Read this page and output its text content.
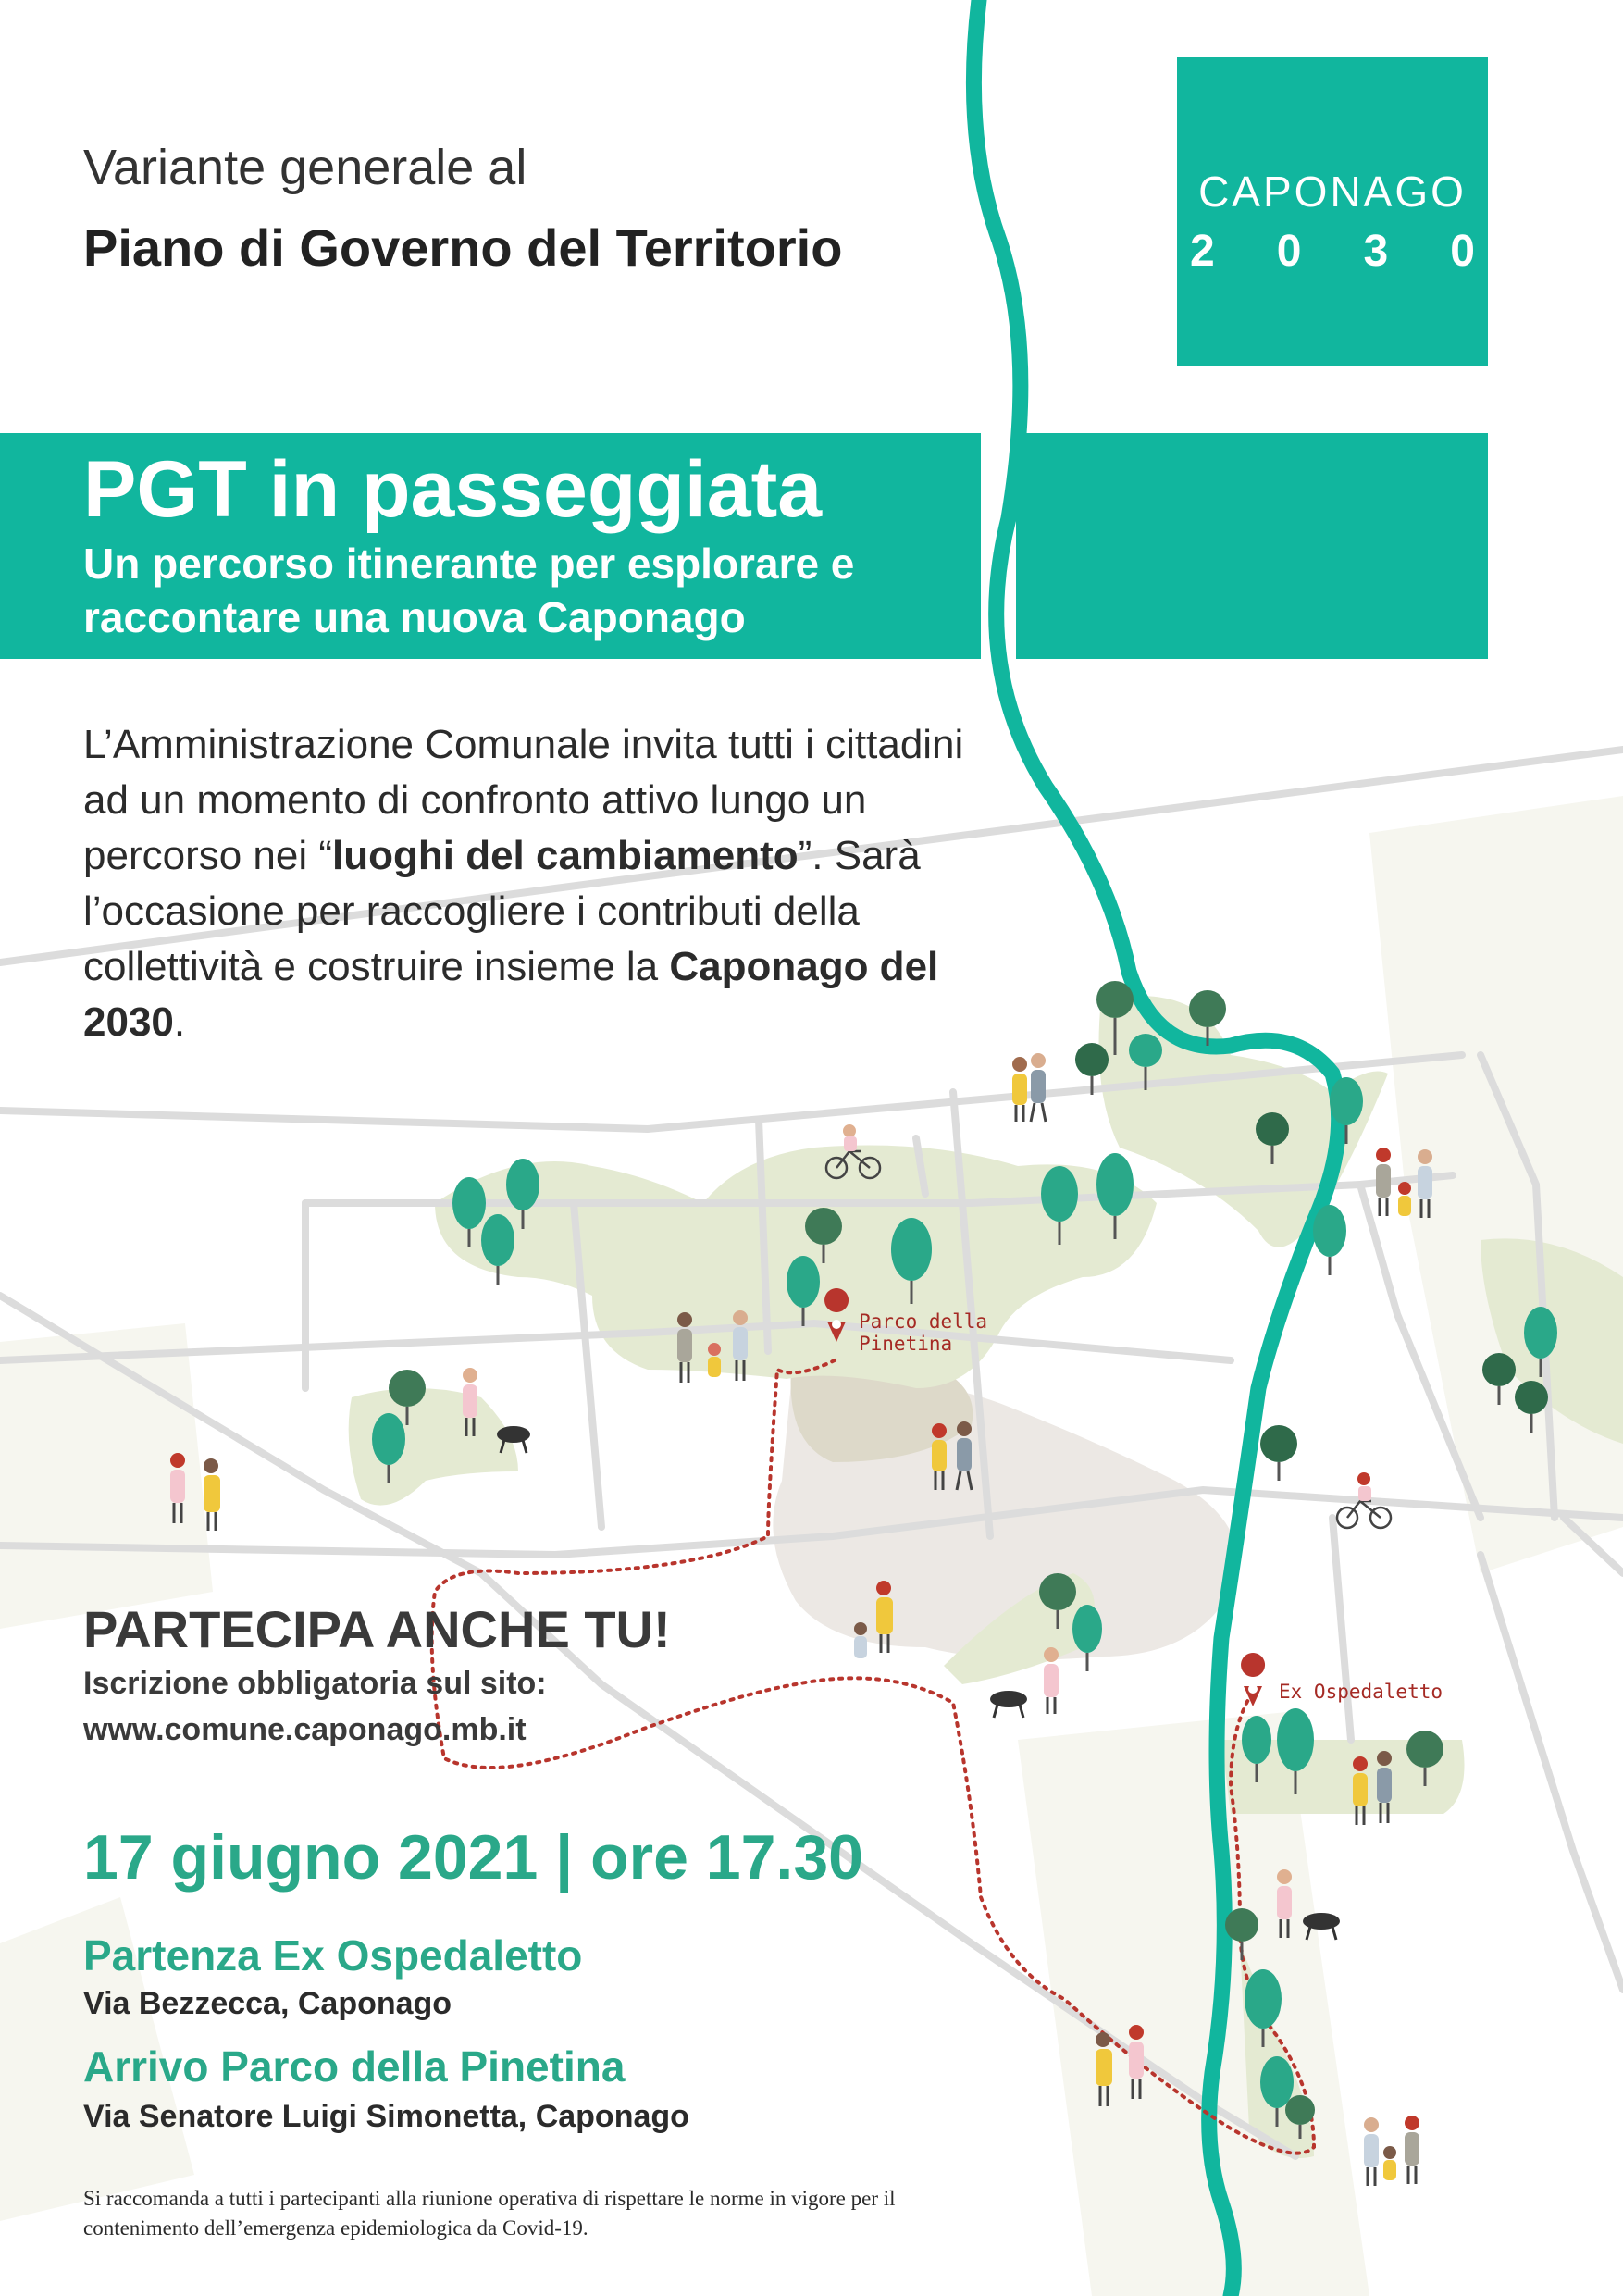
Variante generale al
Piano di Governo del Territorio
CAPONAGO
2 0 3 0
PGT in passeggiata
Un percorso itinerante per esplorare e raccontare una nuova Caponago
L’Amministrazione Comunale invita tutti i cittadini ad un momento di confronto attivo lungo un percorso nei “luoghi del cambiamento”. Sarà l’occasione per raccogliere i contributi della collettività e costruire insieme la Caponago del 2030.
Parco della Pinetina
Ex Ospedaletto
PARTECIPA ANCHE TU!
Iscrizione obbligatoria sul sito:
www.comune.caponago.mb.it
17 giugno 2021 | ore 17.30
Partenza Ex Ospedaletto
Via Bezzecca, Caponago
Arrivo Parco della Pinetina
Via Senatore Luigi Simonetta, Caponago
Si raccomanda a tutti i partecipanti alla riunione operativa di rispettare le norme in vigore per il contenimento dell’emergenza epidemiologica da Covid-19.
